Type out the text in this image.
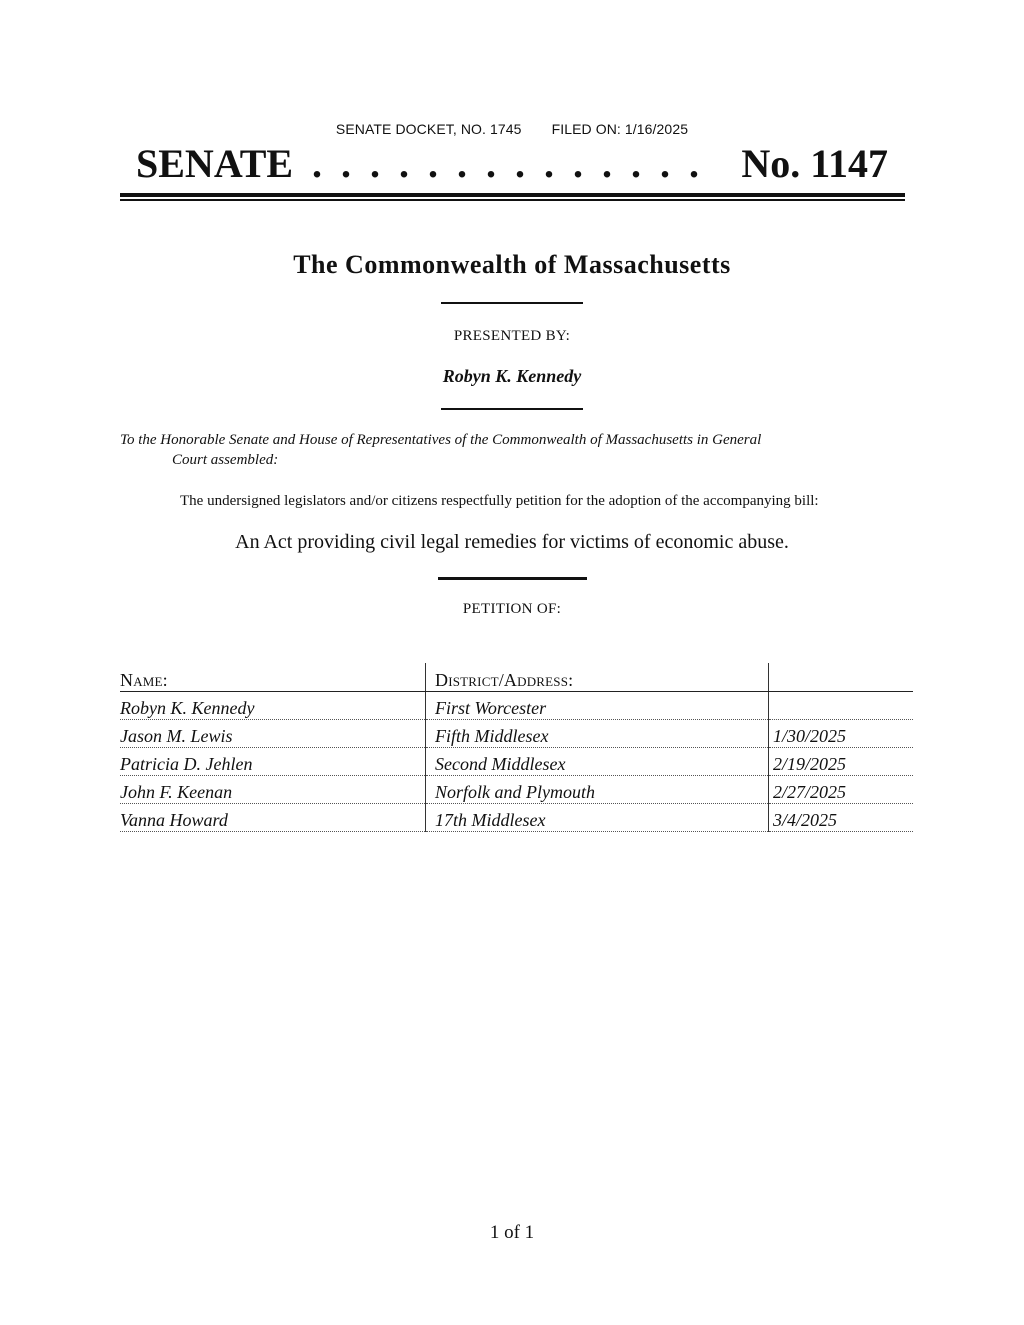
SENATE DOCKET, NO. 1745 FILED ON: 1/16/2025
SENATE . . . . . . . . . . . . . . No. 1147
The Commonwealth of Massachusetts
PRESENTED BY:
Robyn K. Kennedy
To the Honorable Senate and House of Representatives of the Commonwealth of Massachusetts in General
Court assembled:
The undersigned legislators and/or citizens respectfully petition for the adoption of the accompanying bill:
An Act providing civil legal remedies for victims of economic abuse.
PETITION OF:
Name:	District/Address:	
Robyn K. Kennedy	First Worcester	
Jason M. Lewis	Fifth Middlesex	1/30/2025
Patricia D. Jehlen	Second Middlesex	2/19/2025
John F. Keenan	Norfolk and Plymouth	2/27/2025
Vanna Howard	17th Middlesex	3/4/2025
1 of 1
